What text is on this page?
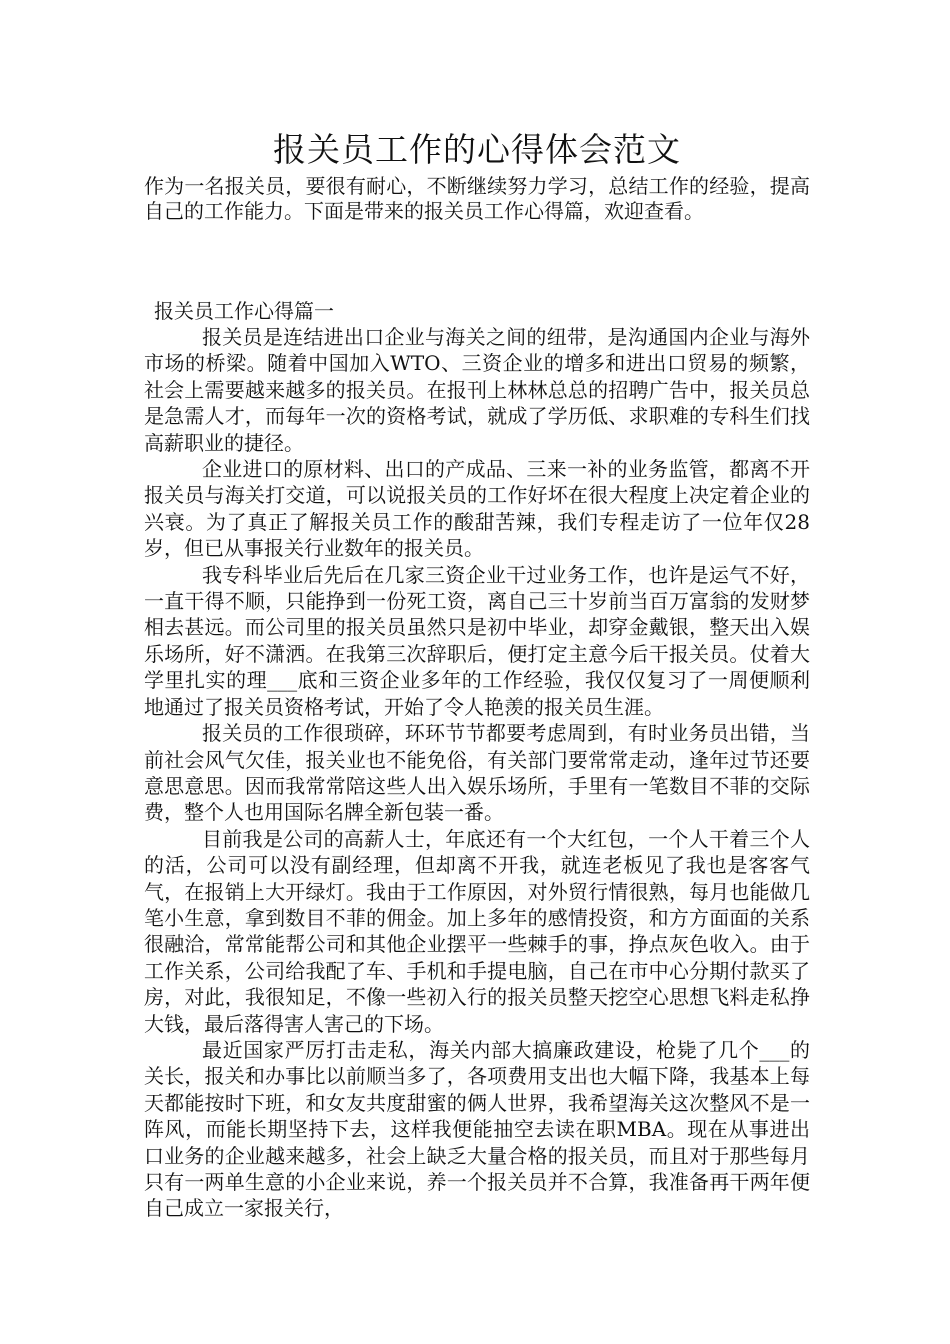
报关员工作的心得体会范文

作为一名报关员，要很有耐心，不断继续努力学习，总结工作的经验，提高自己的工作能力。下面是带来的报关员工作心得篇，欢迎查看。

报关员工作心得篇一

报关员是连结进出口企业与海关之间的纽带，是沟通国内企业与海外市场的桥梁。随着中国加入WTO、三资企业的增多和进出口贸易的频繁，社会上需要越来越多的报关员。在报刊上林林总总的招聘广告中，报关员总是急需人才，而每年一次的资格考试，就成了学历低、求职难的专科生们找高薪职业的捷径。

企业进口的原材料、出口的产成品、三来一补的业务监管，都离不开报关员与海关打交道，可以说报关员的工作好坏在很大程度上决定着企业的兴衰。为了真正了解报关员工作的酸甜苦辣，我们专程走访了一位年仅28岁，但已从事报关行业数年的报关员。

我专科毕业后先后在几家三资企业干过业务工作，也许是运气不好，一直干得不顺，只能挣到一份死工资，离自己三十岁前当百万富翁的发财梦相去甚远。而公司里的报关员虽然只是初中毕业，却穿金戴银，整天出入娱乐场所，好不潇洒。在我第三次辞职后，便打定主意今后干报关员。仗着大学里扎实的理___底和三资企业多年的工作经验，我仅仅复习了一周便顺利地通过了报关员资格考试，开始了令人艳羡的报关员生涯。

报关员的工作很琐碎，环环节节都要考虑周到，有时业务员出错，当前社会风气欠佳，报关业也不能免俗，有关部门要常常走动，逢年过节还要意思意思。因而我常常陪这些人出入娱乐场所，手里有一笔数目不菲的交际费，整个人也用国际名牌全新包装一番。

目前我是公司的高薪人士，年底还有一个大红包，一个人干着三个人的活，公司可以没有副经理，但却离不开我，就连老板见了我也是客客气气，在报销上大开绿灯。我由于工作原因，对外贸行情很熟，每月也能做几笔小生意，拿到数目不菲的佣金。加上多年的感情投资，和方方面面的关系很融洽，常常能帮公司和其他企业摆平一些棘手的事，挣点灰色收入。由于工作关系，公司给我配了车、手机和手提电脑，自己在市中心分期付款买了房，对此，我很知足，不像一些初入行的报关员整天挖空心思想飞料走私挣大钱，最后落得害人害己的下场。

最近国家严厉打击走私，海关内部大搞廉政建设，枪毙了几个___的关长，报关和办事比以前顺当多了，各项费用支出也大幅下降，我基本上每天都能按时下班，和女友共度甜蜜的俩人世界，我希望海关这次整风不是一阵风，而能长期坚持下去，这样我便能抽空去读在职MBA。现在从事进出口业务的企业越来越多，社会上缺乏大量合格的报关员，而且对于那些每月只有一两单生意的小企业来说，养一个报关员并不合算，我准备再干两年便自己成立一家报关行，
